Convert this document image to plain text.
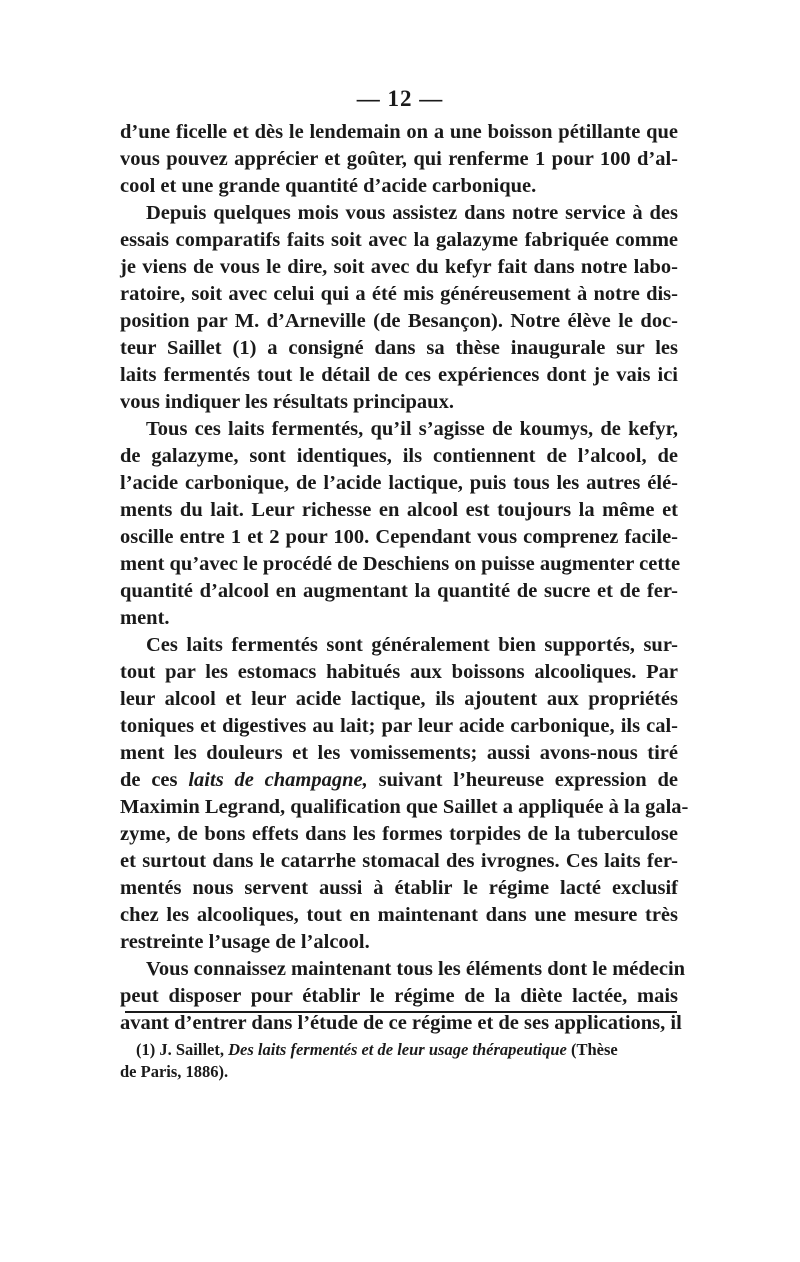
— 12 —
d’une ficelle et dès le lendemain on a une boisson pétillante que
vous pouvez apprécier et goûter, qui renferme 1 pour 100 d’al-
cool et une grande quantité d’acide carbonique.
Depuis quelques mois vous assistez dans notre service à des
essais comparatifs faits soit avec la galazyme fabriquée comme
je viens de vous le dire, soit avec du kefyr fait dans notre labo-
ratoire, soit avec celui qui a été mis généreusement à notre dis-
position par M. d’Arneville (de Besançon). Notre élève le doc-
teur Saillet (1) a consigné dans sa thèse inaugurale sur les
laits fermentés tout le détail de ces expériences dont je vais ici
vous indiquer les résultats principaux.
Tous ces laits fermentés, qu’il s’agisse de koumys, de kefyr,
de galazyme, sont identiques, ils contiennent de l’alcool, de
l’acide carbonique, de l’acide lactique, puis tous les autres élé-
ments du lait. Leur richesse en alcool est toujours la même et
oscille entre 1 et 2 pour 100. Cependant vous comprenez facile-
ment qu’avec le procédé de Deschiens on puisse augmenter cette
quantité d’alcool en augmentant la quantité de sucre et de fer-
ment.
Ces laits fermentés sont généralement bien supportés, sur-
tout par les estomacs habitués aux boissons alcooliques. Par
leur alcool et leur acide lactique, ils ajoutent aux propriétés
toniques et digestives au lait; par leur acide carbonique, ils cal-
ment les douleurs et les vomissements; aussi avons-nous tiré
de ces laits de champagne, suivant l’heureuse expression de
Maximin Legrand, qualification que Saillet a appliquée à la gala-
zyme, de bons effets dans les formes torpides de la tuberculose
et surtout dans le catarrhe stomacal des ivrognes. Ces laits fer-
mentés nous servent aussi à établir le régime lacté exclusif
chez les alcooliques, tout en maintenant dans une mesure très
restreinte l’usage de l’alcool.
Vous connaissez maintenant tous les éléments dont le médecin
peut disposer pour établir le régime de la diète lactée, mais
avant d’entrer dans l’étude de ce régime et de ses applications, il
(1) J. Saillet, Des laits fermentés et de leur usage thérapeutique (Thèse
de Paris, 1886).
